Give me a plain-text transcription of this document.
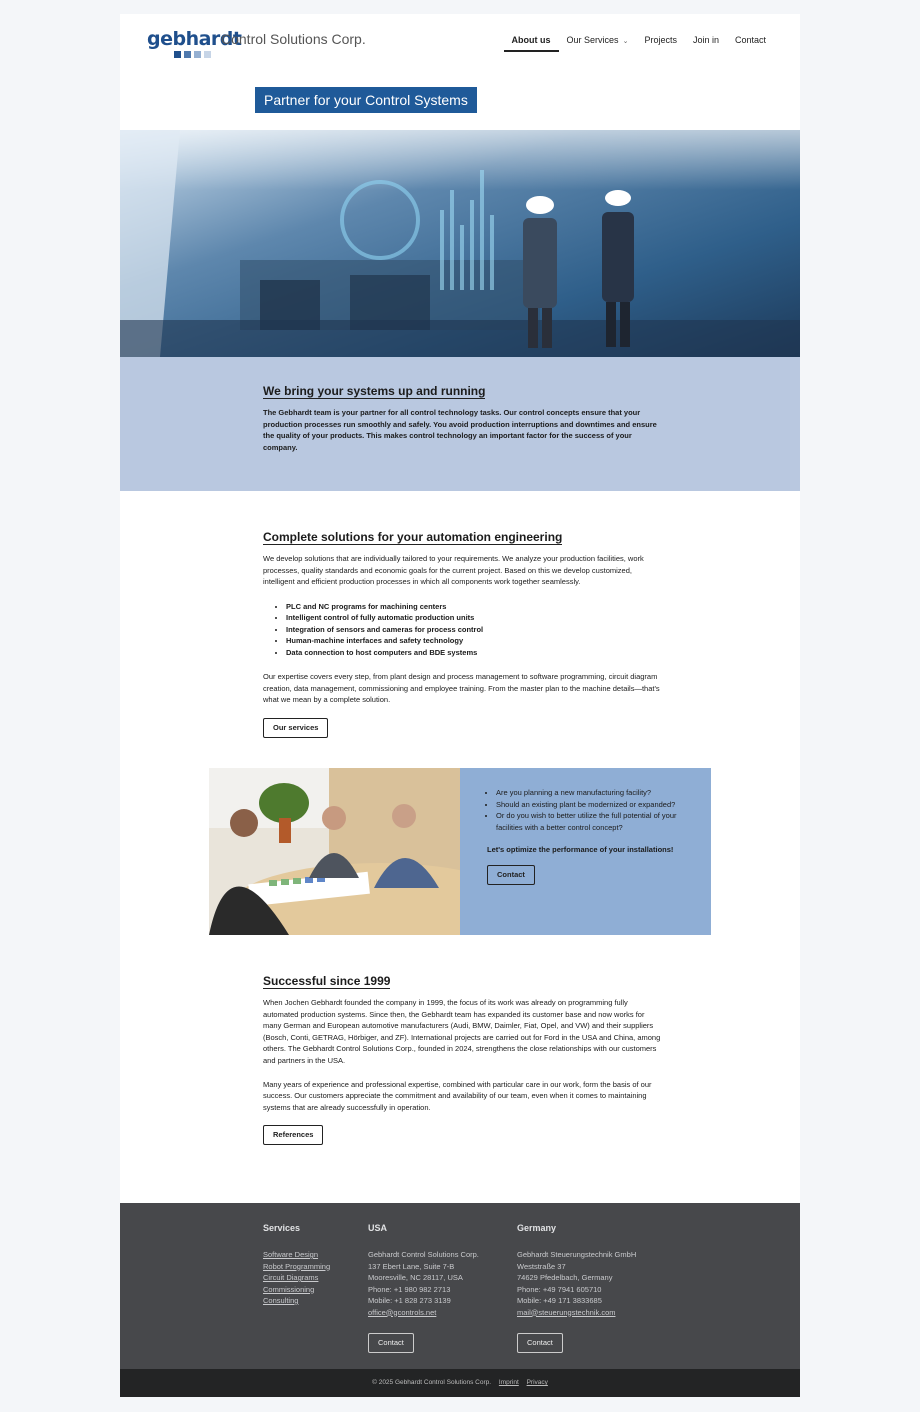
gebhardt
Control Solutions Corp.	About us	Our Services ⌄	Projects	Join in	Contact
Partner for your Control Systems
We bring your systems up and running

The Gebhardt team is your partner for all control technology tasks. Our control concepts ensure that your production processes run smoothly and safely. You avoid production interruptions and downtimes and ensure the quality of your products. This makes control technology an important factor for the success of your company.

Complete solutions for your automation engineering

We develop solutions that are individually tailored to your requirements. We analyze your production facilities, work processes, quality standards and economic goals for the current project. Based on this we develop customized, intelligent and efficient production processes in which all components work together seamlessly.

• PLC and NC programs for machining centers
• Intelligent control of fully automatic production units
• Integration of sensors and cameras for process control
• Human-machine interfaces and safety technology
• Data connection to host computers and BDE systems

Our expertise covers every step, from plant design and process management to software programming, circuit diagram creation, data management, commissioning and employee training. From the master plan to the machine details—that's what we mean by a complete solution.

Our services
• Are you planning a new manufacturing facility?
• Should an existing plant be modernized or expanded?
• Or do you wish to better utilize the full potential of your facilities with a better control concept?
Let's optimize the performance of your installations!
Contact
Successful since 1999

When Jochen Gebhardt founded the company in 1999, the focus of its work was already on programming fully automated production systems. Since then, the Gebhardt team has expanded its customer base and now works for many German and European automotive manufacturers (Audi, BMW, Daimler, Fiat, Opel, and VW) and their suppliers (Bosch, Conti, GETRAG, Hörbiger, and ZF). International projects are carried out for Ford in the USA and China, among others. The Gebhardt Control Solutions Corp., founded in 2024, strengthens the close relationships with our customers and partners in the USA.

Many years of experience and professional expertise, combined with particular care in our work, form the basis of our success. Our customers appreciate the commitment and availability of our team, even when it comes to maintaining systems that are already successfully in operation.

References
Services
Software Design
Robot Programming
Circuit Diagrams
Commissioning
Consulting
USA
Gebhardt Control Solutions Corp.
137 Ebert Lane, Suite 7-B
Mooresville, NC 28117, USA
Phone: +1 980 982 2713
Mobile: +1 828 273 3139
office@gcontrols.net
Contact
Germany
Gebhardt Steuerungstechnik GmbH
Weststraße 37
74629 Pfedelbach, Germany
Phone: +49 7941 605710
Mobile: +49 171 3833685
mail@steuerungstechnik.com
Contact
© 2025 Gebhardt Control Solutions Corp. Imprint Privacy
